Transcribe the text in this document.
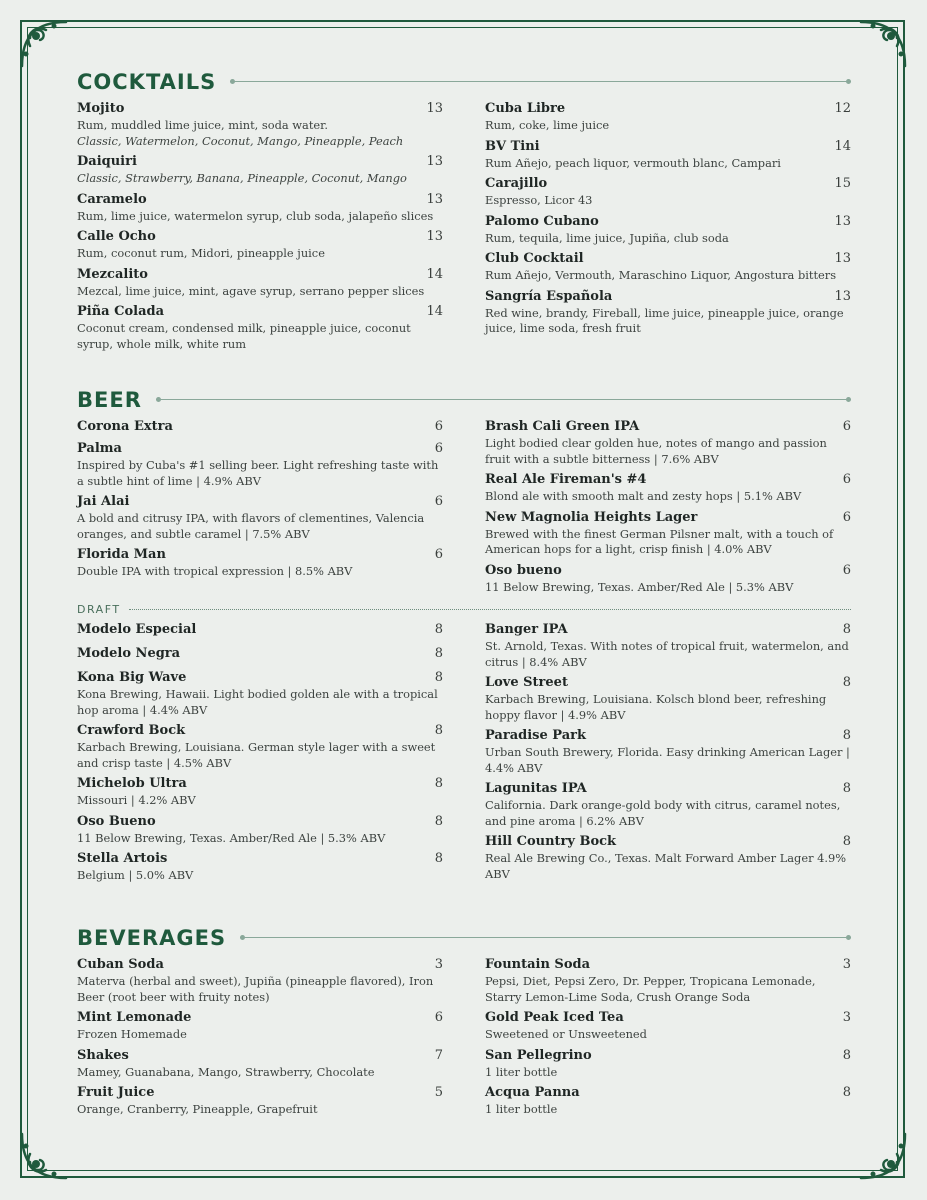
COCKTAILS
Mojito	13
Rum, muddled lime juice, mint, soda water.
Classic, Watermelon, Coconut, Mango, Pineapple, Peach
Daiquiri	13
Classic, Strawberry, Banana, Pineapple, Coconut, Mango
Caramelo	13
Rum, lime juice, watermelon syrup, club soda, jalapeño slices
Calle Ocho	13
Rum, coconut rum, Midori, pineapple juice
Mezcalito	14
Mezcal, lime juice, mint, agave syrup, serrano pepper slices
Piña Colada	14
Coconut cream, condensed milk, pineapple juice, coconut syrup, whole milk, white rum
Cuba Libre	12
Rum, coke, lime juice
BV Tini	14
Rum Añejo, peach liquor, vermouth blanc, Campari
Carajillo	15
Espresso, Licor 43
Palomo Cubano	13
Rum, tequila, lime juice, Jupiña, club soda
Club Cocktail	13
Rum Añejo, Vermouth, Maraschino Liquor, Angostura bitters
Sangría Española	13
Red wine, brandy, Fireball, lime juice, pineapple juice, orange juice, lime soda, fresh fruit
BEER
Corona Extra	6
Palma	6
Inspired by Cuba's #1 selling beer. Light refreshing taste with a subtle hint of lime | 4.9% ABV
Jai Alai	6
A bold and citrusy IPA, with flavors of clementines, Valencia oranges, and subtle caramel | 7.5% ABV
Florida Man	6
Double IPA with tropical expression | 8.5% ABV
Brash Cali Green IPA	6
Light bodied clear golden hue, notes of mango and passion fruit with a subtle bitterness | 7.6% ABV
Real Ale Fireman's #4	6
Blond ale with smooth malt and zesty hops | 5.1% ABV
New Magnolia Heights Lager	6
Brewed with the finest German Pilsner malt, with a touch of American hops for a light, crisp finish | 4.0% ABV
Oso bueno	6
11 Below Brewing, Texas. Amber/Red Ale | 5.3% ABV
DRAFT
Modelo Especial	8
Modelo Negra	8
Kona Big Wave	8
Kona Brewing, Hawaii. Light bodied golden ale with a tropical hop aroma | 4.4% ABV
Crawford Bock	8
Karbach Brewing, Louisiana. German style lager with a sweet and crisp taste | 4.5% ABV
Michelob Ultra	8
Missouri | 4.2% ABV
Oso Bueno	8
11 Below Brewing, Texas. Amber/Red Ale | 5.3% ABV
Stella Artois	8
Belgium | 5.0% ABV
Banger IPA	8
St. Arnold, Texas. With notes of tropical fruit, watermelon, and citrus | 8.4% ABV
Love Street	8
Karbach Brewing, Louisiana. Kolsch blond beer, refreshing hoppy flavor | 4.9% ABV
Paradise Park	8
Urban South Brewery, Florida. Easy drinking American Lager | 4.4% ABV
Lagunitas IPA	8
California. Dark orange-gold body with citrus, caramel notes, and pine aroma | 6.2% ABV
Hill Country Bock	8
Real Ale Brewing Co., Texas. Malt Forward Amber Lager 4.9% ABV
BEVERAGES
Cuban Soda	3
Materva (herbal and sweet), Jupiña (pineapple flavored), Iron Beer (root beer with fruity notes)
Mint Lemonade	6
Frozen Homemade
Shakes	7
Mamey, Guanabana, Mango, Strawberry, Chocolate
Fruit Juice	5
Orange, Cranberry, Pineapple, Grapefruit
Fountain Soda	3
Pepsi, Diet, Pepsi Zero, Dr. Pepper, Tropicana Lemonade, Starry Lemon-Lime Soda, Crush Orange Soda
Gold Peak Iced Tea	3
Sweetened or Unsweetened
San Pellegrino	8
1 liter bottle
Acqua Panna	8
1 liter bottle
